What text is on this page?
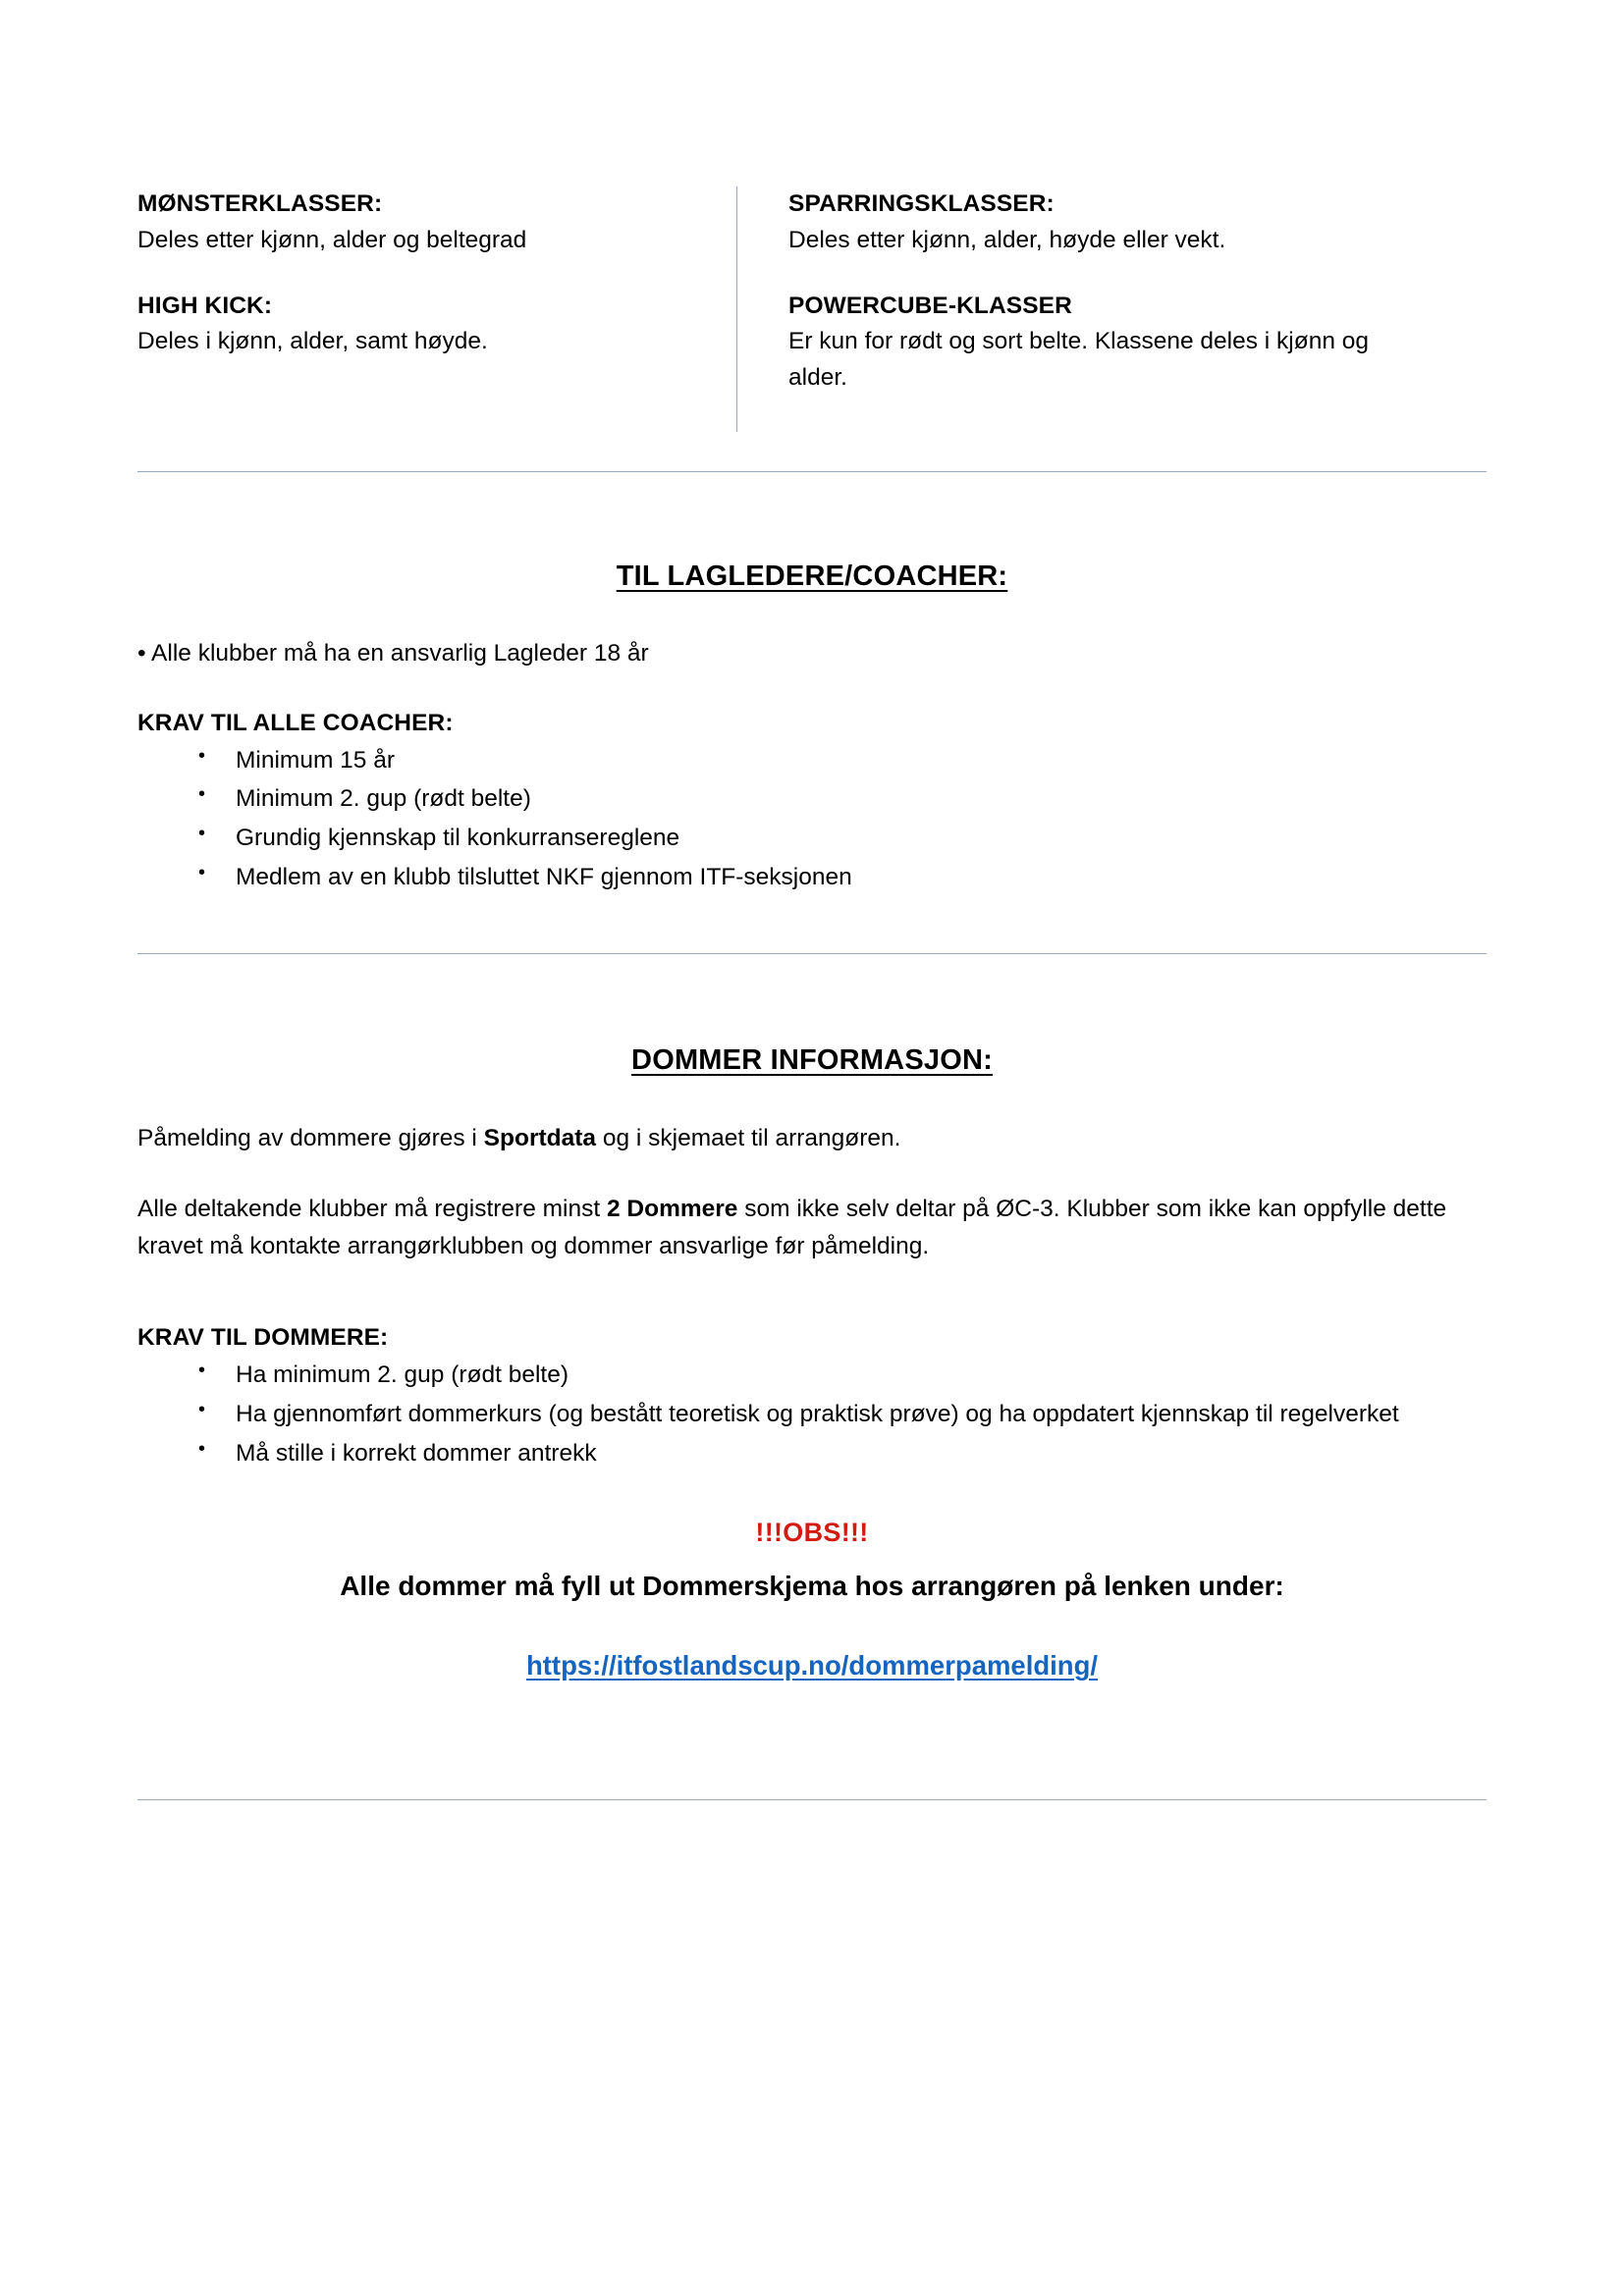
MØNSTERKLASSER:
Deles etter kjønn, alder og beltegrad
HIGH KICK:
Deles i kjønn, alder, samt høyde.
SPARRINGSKLASSER:
Deles etter kjønn, alder, høyde eller vekt.
POWERCUBE-KLASSER
Er kun for rødt og sort belte. Klassene deles i kjønn og alder.
TIL LAGLEDERE/COACHER:
• Alle klubber må ha en ansvarlig Lagleder 18 år
KRAV TIL ALLE COACHER:
• Minimum 15 år
• Minimum 2. gup (rødt belte)
• Grundig kjennskap til konkurransereglene
• Medlem av en klubb tilsluttet NKF gjennom ITF-seksjonen
DOMMER INFORMASJON:

Påmelding av dommere gjøres i Sportdata og i skjemaet til arrangøren.

Alle deltakende klubber må registrere minst 2 Dommere som ikke selv deltar på ØC-3. Klubber som ikke kan oppfylle dette kravet må kontakte arrangørklubben og dommer ansvarlige før påmelding.

KRAV TIL DOMMERE:
• Ha minimum 2. gup (rødt belte)
• Ha gjennomført dommerkurs (og bestått teoretisk og praktisk prøve) og ha oppdatert kjennskap til regelverket
• Må stille i korrekt dommer antrekk
!!!OBS!!!
Alle dommer må fyll ut Dommerskjema hos arrangøren på lenken under:

https://itfostlandscup.no/dommerpamelding/
